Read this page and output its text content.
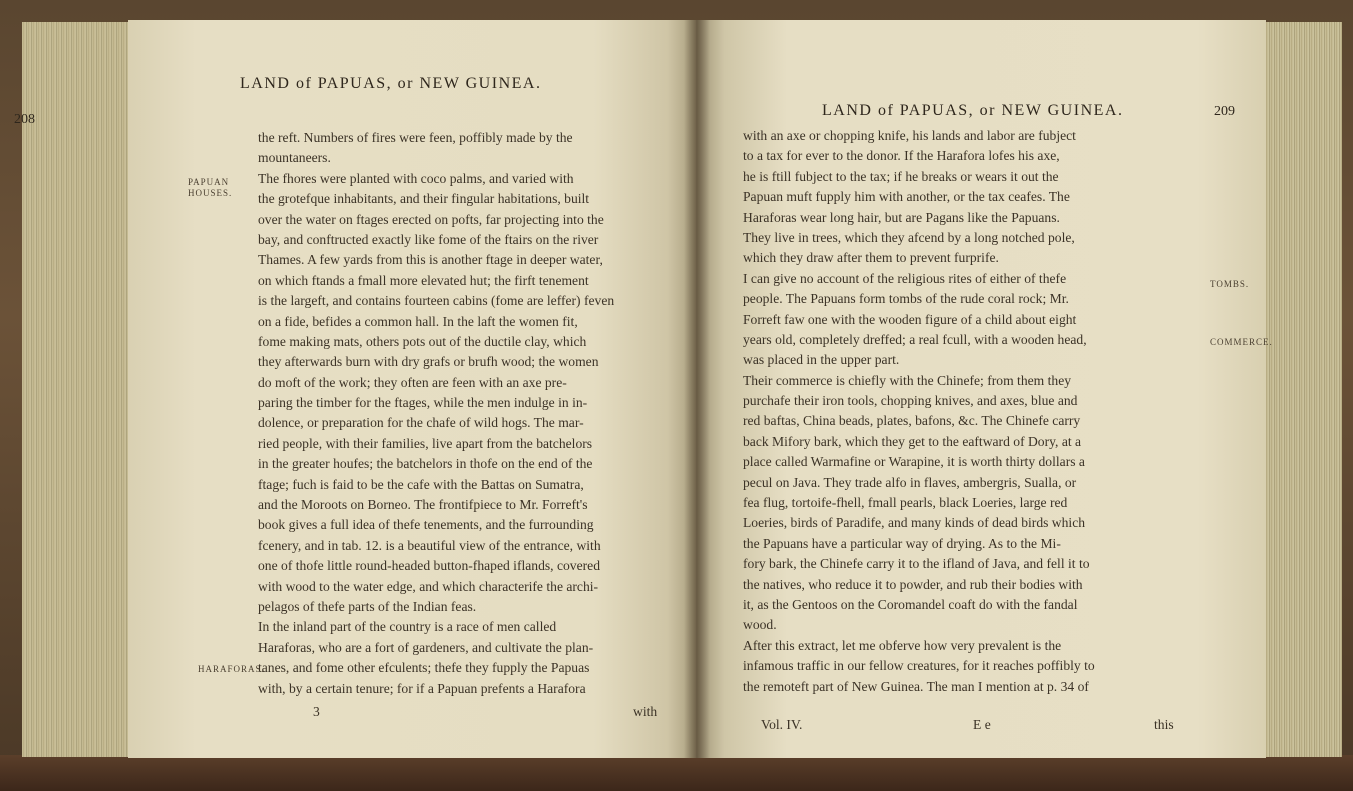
208
LAND of PAPUAS, or NEW GUINEA.
PAPUAN HOUSES.
HARAFORAS.
the reft. Numbers of fires were feen, poffibly made by the
mountaneers.
The fhores were planted with coco palms, and varied with
the grotefque inhabitants, and their fingular habitations, built
over the water on ftages erected on pofts, far projecting into the
bay, and conftructed exactly like fome of the ftairs on the river
Thames. A few yards from this is another ftage in deeper water,
on which ftands a fmall more elevated hut; the firft tenement
is the largeft, and contains fourteen cabins (fome are leffer) feven
on a fide, befides a common hall. In the laft the women fit,
fome making mats, others pots out of the ductile clay, which
they afterwards burn with dry grafs or brufh wood; the women
do moft of the work; they often are feen with an axe pre-
paring the timber for the ftages, while the men indulge in in-
dolence, or preparation for the chafe of wild hogs. The mar-
ried people, with their families, live apart from the batchelors
in the greater houfes; the batchelors in thofe on the end of the
ftage; fuch is faid to be the cafe with the Battas on Sumatra,
and the Moroots on Borneo. The frontifpiece to Mr. Forreft's
book gives a full idea of thefe tenements, and the furrounding
fcenery, and in tab. 12. is a beautiful view of the entrance, with
one of thofe little round-headed button-fhaped iflands, covered
with wood to the water edge, and which characterife the archi-
pelagos of thefe parts of the Indian feas.
In the inland part of the country is a race of men called
Haraforas, who are a fort of gardeners, and cultivate the plan-
tanes, and fome other efculents; thefe they fupply the Papuas
with, by a certain tenure; for if a Papuan prefents a Harafora
3	with
LAND of PAPUAS, or NEW GUINEA.	209
TOMBS.
COMMERCE.
with an axe or chopping knife, his lands and labor are fubject
to a tax for ever to the donor. If the Harafora lofes his axe,
he is ftill fubject to the tax; if he breaks or wears it out the
Papuan muft fupply him with another, or the tax ceafes. The
Haraforas wear long hair, but are Pagans like the Papuans.
They live in trees, which they afcend by a long notched pole,
which they draw after them to prevent furprife.
I can give no account of the religious rites of either of thefe
people. The Papuans form tombs of the rude coral rock; Mr.
Forreft faw one with the wooden figure of a child about eight
years old, completely dreffed; a real fcull, with a wooden head,
was placed in the upper part.
Their commerce is chiefly with the Chinefe; from them they
purchafe their iron tools, chopping knives, and axes, blue and
red baftas, China beads, plates, bafons, &c. The Chinefe carry
back Mifory bark, which they get to the eaftward of Dory, at a
place called Warmafine or Warapine, it is worth thirty dollars a
pecul on Java. They trade alfo in flaves, ambergris, Sualla, or
fea flug, tortoife-fhell, fmall pearls, black Loeries, large red
Loeries, birds of Paradife, and many kinds of dead birds which
the Papuans have a particular way of drying. As to the Mi-
fory bark, the Chinefe carry it to the ifland of Java, and fell it to
the natives, who reduce it to powder, and rub their bodies with
it, as the Gentoos on the Coromandel coaft do with the fandal
wood.
After this extract, let me obferve how very prevalent is the
infamous traffic in our fellow creatures, for it reaches poffibly to
the remoteft part of New Guinea. The man I mention at p. 34 of
Vol. IV.	E e	this
